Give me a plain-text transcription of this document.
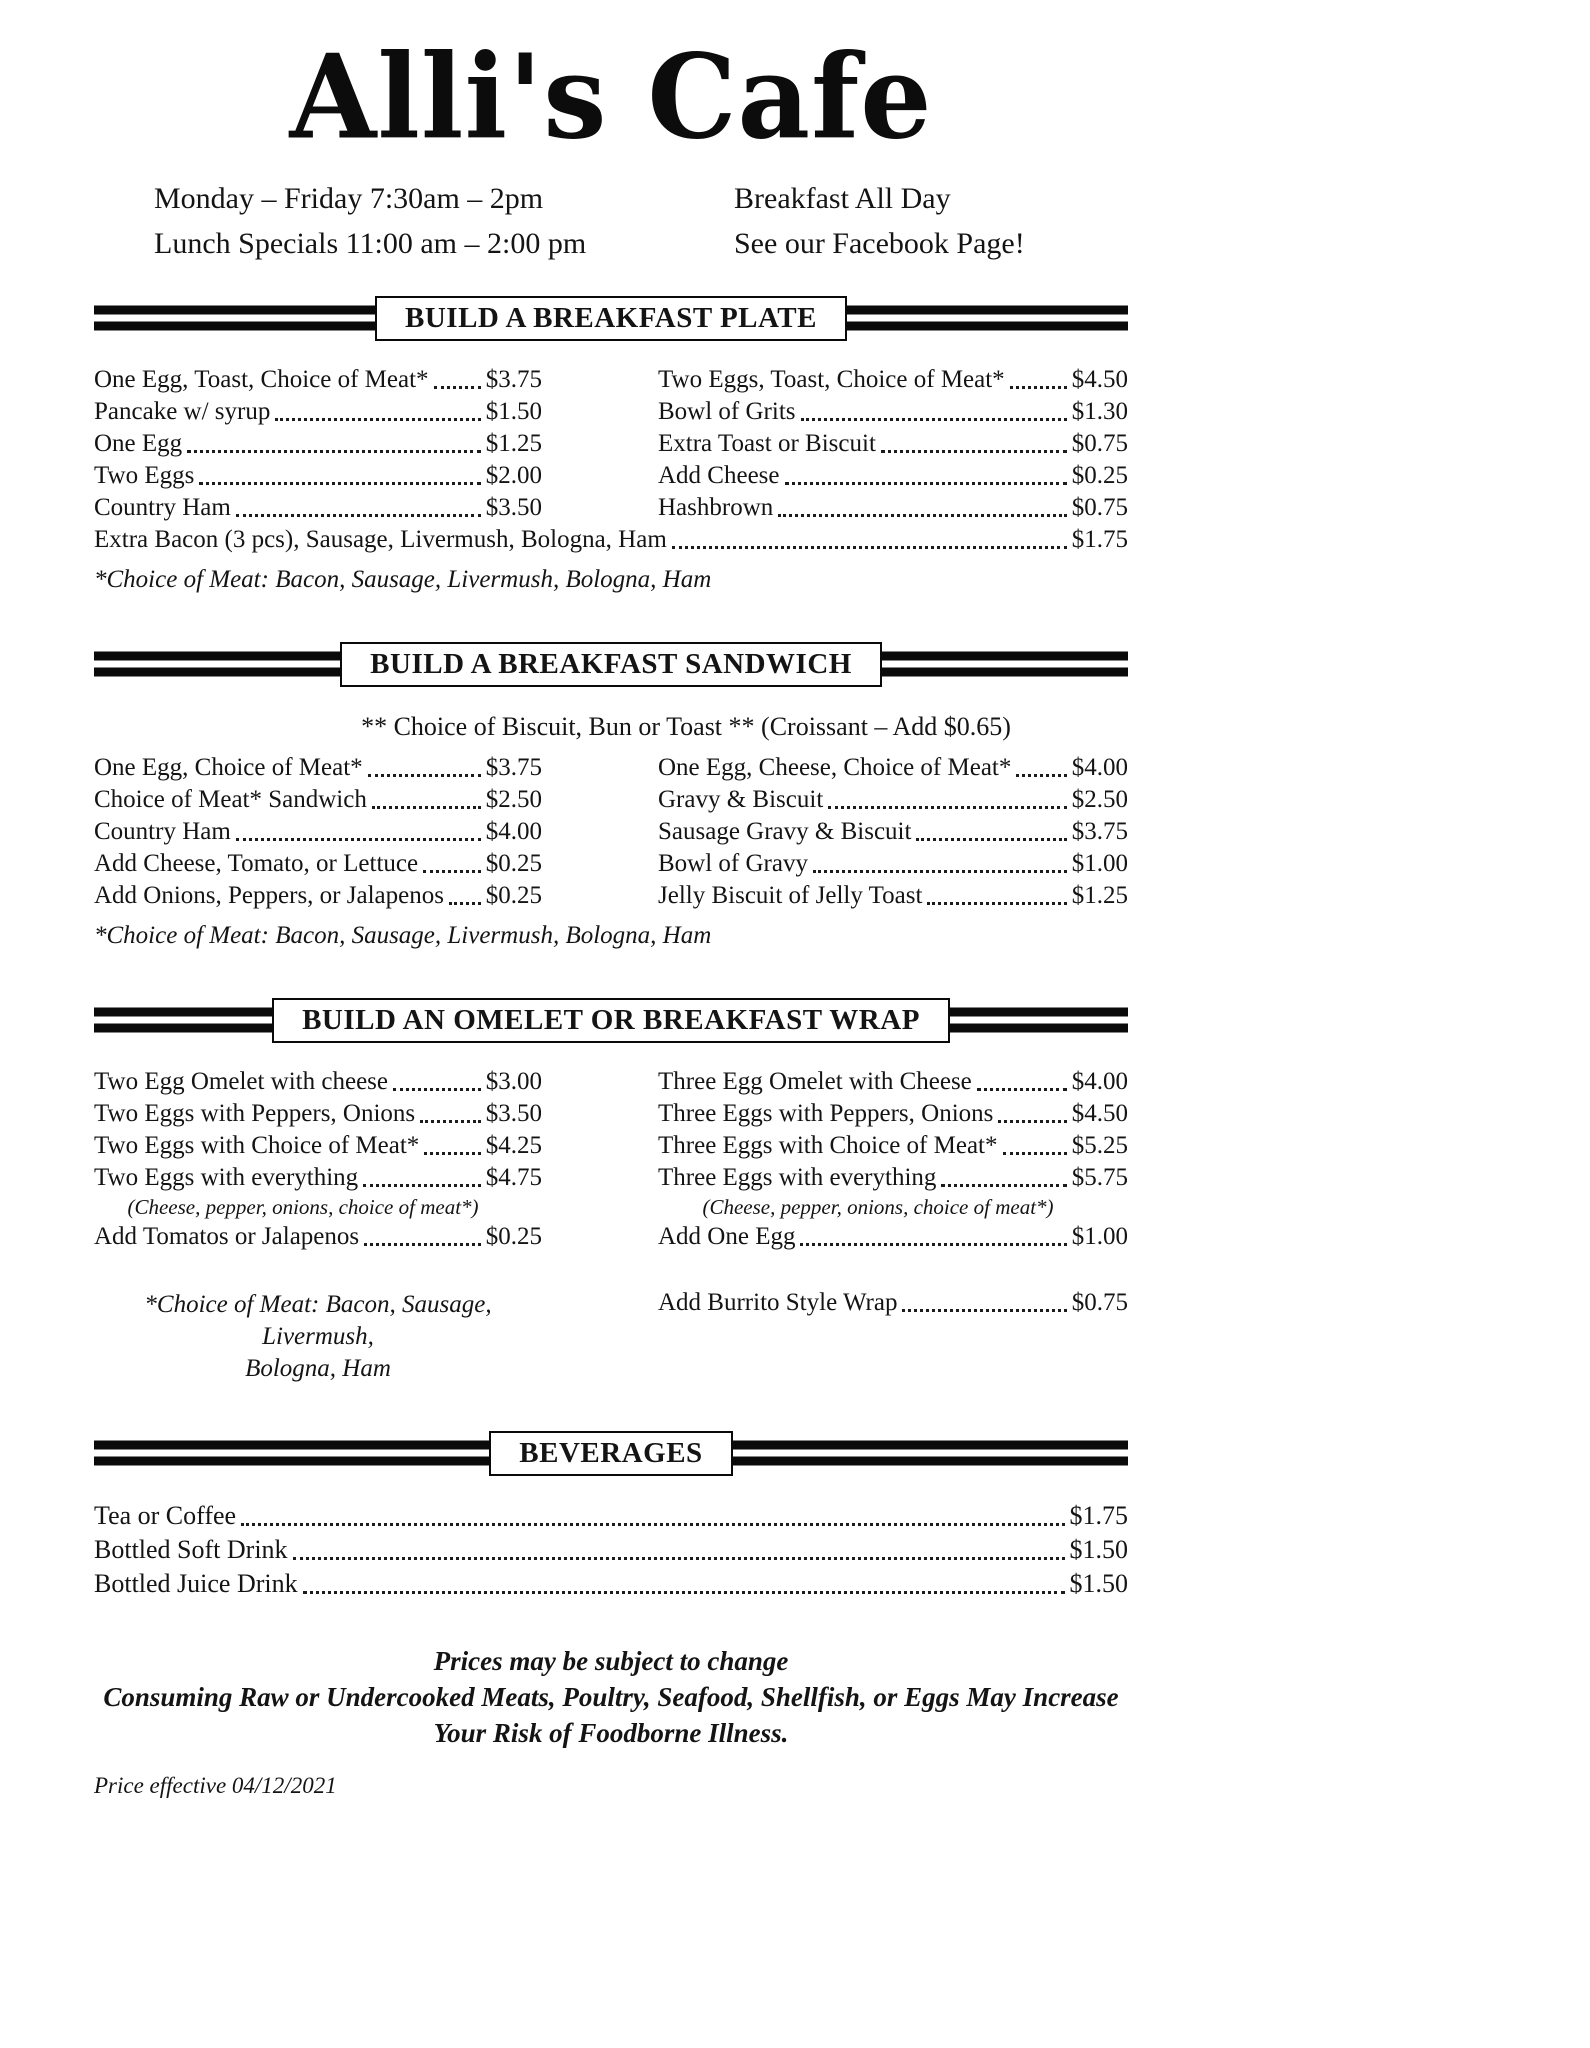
Alli's Cafe
Monday – Friday 7:30am – 2pm	Breakfast All Day
Lunch Specials 11:00 am – 2:00 pm	See our Facebook Page!
BUILD A BREAKFAST PLATE
One Egg, Toast, Choice of Meat* $3.75
Pancake w/ syrup	$1.50
One Egg	$1.25
Two Eggs	$2.00
Country Ham	$3.50
Two Eggs, Toast, Choice of Meat*	$4.50
Bowl of Grits	$1.30
Extra Toast or Biscuit	$0.75
Add Cheese	$0.25
Hashbrown	$0.75
Extra Bacon (3 pcs), Sausage, Livermush, Bologna, Ham	$1.75
*Choice of Meat: Bacon, Sausage, Livermush, Bologna, Ham
BUILD A BREAKFAST SANDWICH
** Choice of Biscuit, Bun or Toast ** (Croissant – Add $0.65)
One Egg, Choice of Meat*	$3.75
Choice of Meat* Sandwich	$2.50
Country Ham	$4.00
Add Cheese, Tomato, or Lettuce	$0.25
Add Onions, Peppers, or Jalapenos $0.25
One Egg, Cheese, Choice of Meat* $4.00
Gravy & Biscuit	$2.50
Sausage Gravy & Biscuit	$3.75
Bowl of Gravy	$1.00
Jelly Biscuit of Jelly Toast	$1.25
*Choice of Meat: Bacon, Sausage, Livermush, Bologna, Ham
BUILD AN OMELET OR BREAKFAST WRAP
Two Egg Omelet with cheese	$3.00
Two Eggs with Peppers, Onions	$3.50
Two Eggs with Choice of Meat*	$4.25
Two Eggs with everything	$4.75
(Cheese, pepper, onions, choice of meat*)
Add Tomatos or Jalapenos	$0.25
Three Egg Omelet with Cheese	$4.00
Three Eggs with Peppers, Onions	$4.50
Three Eggs with Choice of Meat*	$5.25
Three Eggs with everything	$5.75
(Cheese, pepper, onions, choice of meat*)
Add One Egg	$1.00
*Choice of Meat: Bacon, Sausage, Livermush,
Bologna, Ham
Add Burrito Style Wrap	$0.75
BEVERAGES
Tea or Coffee	$1.75
Bottled Soft Drink	$1.50
Bottled Juice Drink	$1.50
Prices may be subject to change
Consuming Raw or Undercooked Meats, Poultry, Seafood, Shellfish, or Eggs May Increase Your Risk of Foodborne Illness.
Price effective 04/12/2021
